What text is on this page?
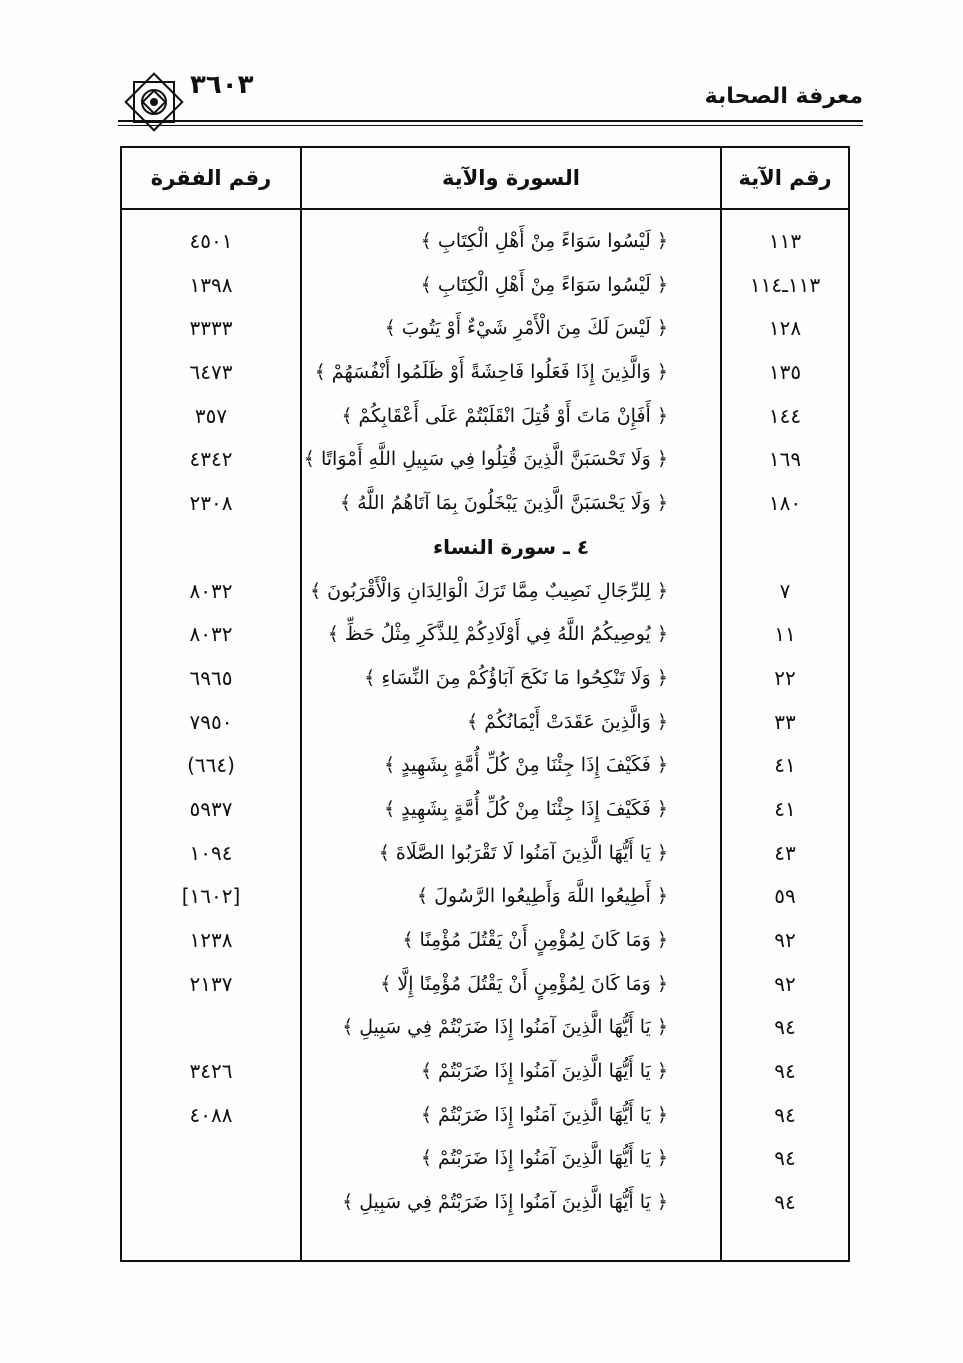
معرفة الصحابة
٣٦٠٣
رقم الآية
السورة والآية
رقم الفقرة
١١٣
﴿ لَيْسُوا سَوَاءً مِنْ أَهْلِ الْكِتَابِ ﴾
٤٥٠١
١١٣ـ١١٤
﴿ لَيْسُوا سَوَاءً مِنْ أَهْلِ الْكِتَابِ ﴾
١٣٩٨
١٢٨
﴿ لَيْسَ لَكَ مِنَ الْأَمْرِ شَيْءٌ أَوْ يَتُوبَ ﴾
٣٣٣٣
١٣٥
﴿ وَالَّذِينَ إِذَا فَعَلُوا فَاحِشَةً أَوْ ظَلَمُوا أَنْفُسَهُمْ ﴾
٦٤٧٣
١٤٤
﴿ أَفَإِنْ مَاتَ أَوْ قُتِلَ انْقَلَبْتُمْ عَلَى أَعْقَابِكُمْ ﴾
٣٥٧
١٦٩
﴿ وَلَا تَحْسَبَنَّ الَّذِينَ قُتِلُوا فِي سَبِيلِ اللَّهِ أَمْوَاتًا ﴾
٤٣٤٢
١٨٠
﴿ وَلَا يَحْسَبَنَّ الَّذِينَ يَبْخَلُونَ بِمَا آتَاهُمُ اللَّهُ ﴾
٢٣٠٨
٤ ـ سورة النساء
٧
﴿ لِلرِّجَالِ نَصِيبٌ مِمَّا تَرَكَ الْوَالِدَانِ وَالْأَقْرَبُونَ ﴾
٨٠٣٢
١١
﴿ يُوصِيكُمُ اللَّهُ فِي أَوْلَادِكُمْ لِلذَّكَرِ مِثْلُ حَظِّ ﴾
٨٠٣٢
٢٢
﴿ وَلَا تَنْكِحُوا مَا نَكَحَ آبَاؤُكُمْ مِنَ النِّسَاءِ ﴾
٦٩٦٥
٣٣
﴿ وَالَّذِينَ عَقَدَتْ أَيْمَانُكُمْ ﴾
٧٩٥٠
٤١
﴿ فَكَيْفَ إِذَا جِئْنَا مِنْ كُلِّ أُمَّةٍ بِشَهِيدٍ ﴾
(٦٦٤)
٤١
﴿ فَكَيْفَ إِذَا جِئْنَا مِنْ كُلِّ أُمَّةٍ بِشَهِيدٍ ﴾
٥٩٣٧
٤٣
﴿ يَا أَيُّهَا الَّذِينَ آمَنُوا لَا تَقْرَبُوا الصَّلَاةَ ﴾
١٠٩٤
٥٩
﴿ أَطِيعُوا اللَّهَ وَأَطِيعُوا الرَّسُولَ ﴾
[١٦٠٢]
٩٢
﴿ وَمَا كَانَ لِمُؤْمِنٍ أَنْ يَقْتُلَ مُؤْمِنًا ﴾
١٢٣٨
٩٢
﴿ وَمَا كَانَ لِمُؤْمِنٍ أَنْ يَقْتُلَ مُؤْمِنًا إِلَّا ﴾
٢١٣٧
٩٤
﴿ يَا أَيُّهَا الَّذِينَ آمَنُوا إِذَا ضَرَبْتُمْ فِي سَبِيلِ ﴾
٩٤
﴿ يَا أَيُّهَا الَّذِينَ آمَنُوا إِذَا ضَرَبْتُمْ ﴾
٣٤٢٦
٩٤
﴿ يَا أَيُّهَا الَّذِينَ آمَنُوا إِذَا ضَرَبْتُمْ ﴾
٤٠٨٨
٩٤
﴿ يَا أَيُّهَا الَّذِينَ آمَنُوا إِذَا ضَرَبْتُمْ ﴾
٩٤
﴿ يَا أَيُّهَا الَّذِينَ آمَنُوا إِذَا ضَرَبْتُمْ فِي سَبِيلِ ﴾
